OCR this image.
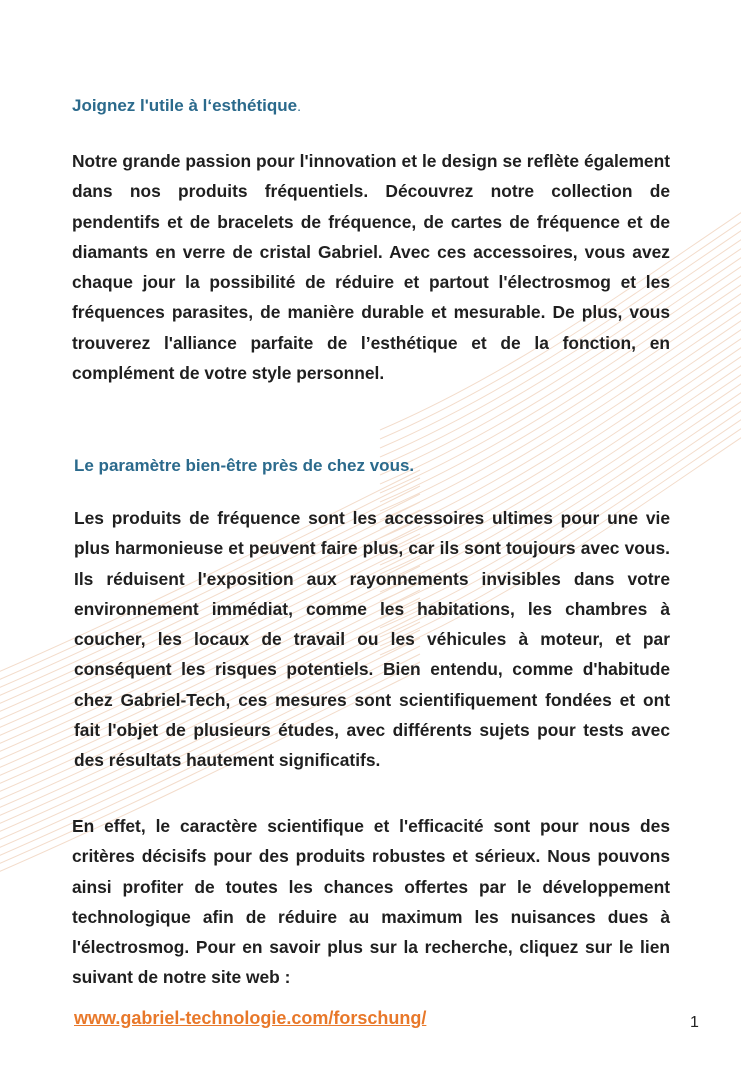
Joignez l'utile à l‘esthétique.

Notre grande passion pour l'innovation et le design se reflète également dans nos produits fréquentiels. Découvrez notre collection de pendentifs et de bracelets de fréquence, de cartes de fréquence et de diamants en verre de cristal Gabriel. Avec ces accessoires, vous avez chaque jour la possibilité de réduire et partout l'électrosmog et les fréquences parasites, de manière durable et mesurable. De plus, vous trouverez l'alliance parfaite de l’esthétique et de la fonction, en complément de votre style personnel.

Le paramètre bien-être près de chez vous.

Les produits de fréquence sont les accessoires ultimes pour une vie plus harmonieuse et peuvent faire plus, car ils sont toujours avec vous. Ils réduisent l'exposition aux rayonnements invisibles dans votre environnement immédiat, comme les habitations, les chambres à coucher, les locaux de travail ou les véhicules à moteur, et par conséquent les risques potentiels. Bien entendu, comme d'habitude chez Gabriel-Tech, ces mesures sont scientifiquement fondées et ont fait l'objet de plusieurs études, avec différents sujets pour tests avec des résultats hautement significatifs.

En effet, le caractère scientifique et l'efficacité sont pour nous des critères décisifs pour des produits robustes et sérieux. Nous pouvons ainsi profiter de toutes les chances offertes par le développement technologique afin de réduire au maximum les nuisances dues à l'électrosmog. Pour en savoir plus sur la recherche, cliquez sur le lien suivant de notre site web :

www.gabriel-technologie.com/forschung/	1
